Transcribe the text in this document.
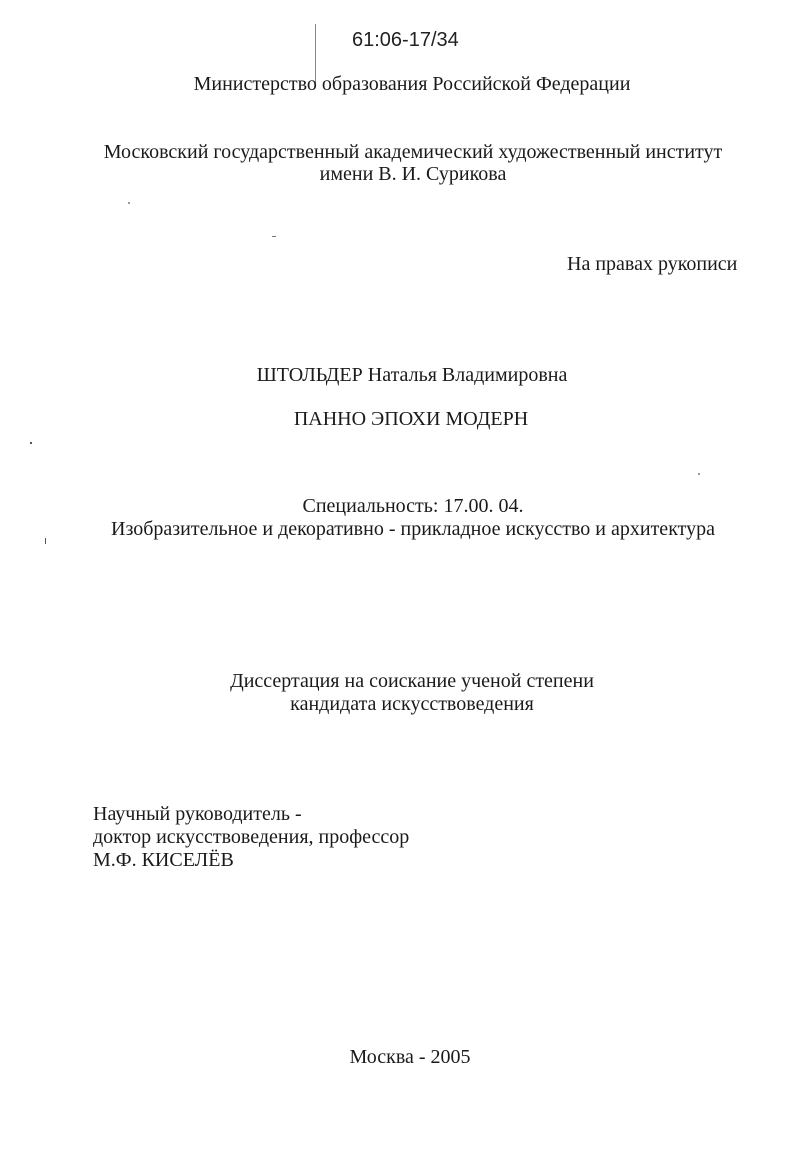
61:06-17/34
Министерство образования Российской Федерации
Московский государственный академический художественный институт
имени В. И. Сурикова
На правах рукописи
ШТОЛЬДЕР Наталья Владимировна
ПАННО ЭПОХИ МОДЕРН
Специальность: 17.00. 04.
Изобразительное и декоративно - прикладное искусство и архитектура
Диссертация на соискание ученой степени
кандидата искусствоведения
Научный руководитель -
доктор искусствоведения, профессор
М.Ф. КИСЕЛЁВ
Москва - 2005
